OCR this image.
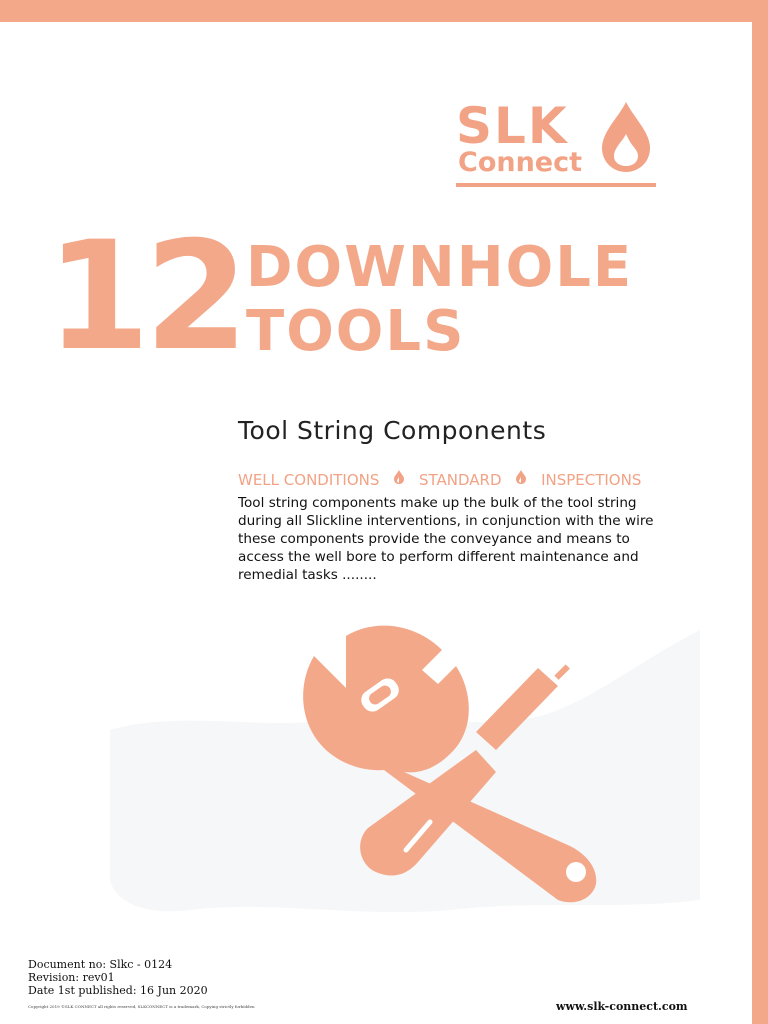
SLK
Connect
12 DOWNHOLE
TOOLS
Tool String Components
WELL CONDITIONS	STANDARD	INSPECTIONS
Tool string components make up the bulk of the tool string during all Slickline interventions, in conjunction with the wire these components provide the conveyance and means to access the well bore to perform different maintenance and remedial tasks ........
Document no: Slkc - 0124
Revision: rev01
Date 1st published: 16 Jun 2020
Copyright 2019 ©SLK CONNECT all rights reserved, SLKCONNECT is a trademark, Copying strictly forbidden	www.slk-connect.com
